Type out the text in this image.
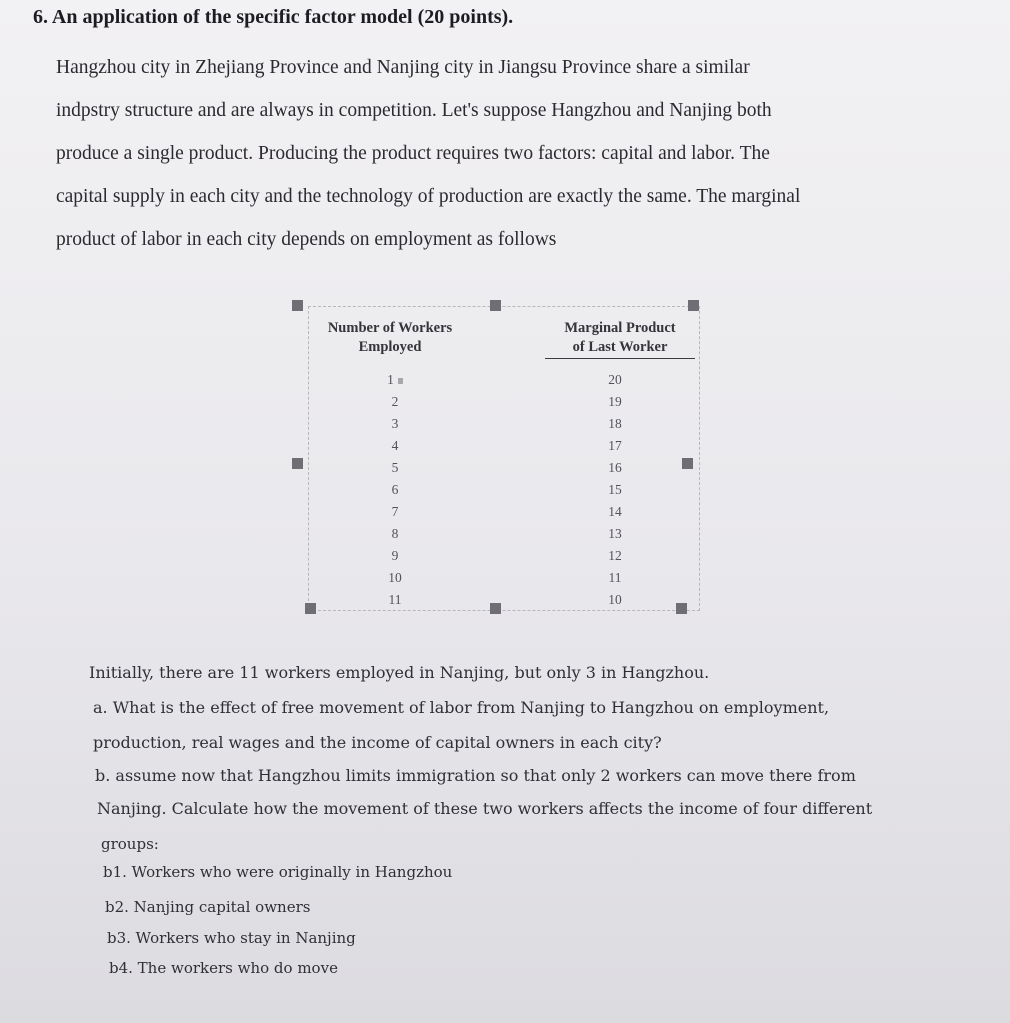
6. An application of the specific factor model (20 points).
Hangzhou city in Zhejiang Province and Nanjing city in Jiangsu Province share a similar
indpstry structure and are always in competition. Let's suppose Hangzhou and Nanjing both
produce a single product. Producing the product requires two factors: capital and labor. The
capital supply in each city and the technology of production are exactly the same. The marginal
product of labor in each city depends on employment as follows
Number of Workers
Employed
Marginal Product
of Last Worker
1
2
3
4
5
6
7
8
9
10
11
20
19
18
17
16
15
14
13
12
11
10
Initially, there are 11 workers employed in Nanjing, but only 3 in Hangzhou.
a. What is the effect of free movement of labor from Nanjing to Hangzhou on employment,
production, real wages and the income of capital owners in each city?
b. assume now that Hangzhou limits immigration so that only 2 workers can move there from
Nanjing. Calculate how the movement of these two workers affects the income of four different
groups:
b1. Workers who were originally in Hangzhou
b2. Nanjing capital owners
b3. Workers who stay in Nanjing
b4. The workers who do move
